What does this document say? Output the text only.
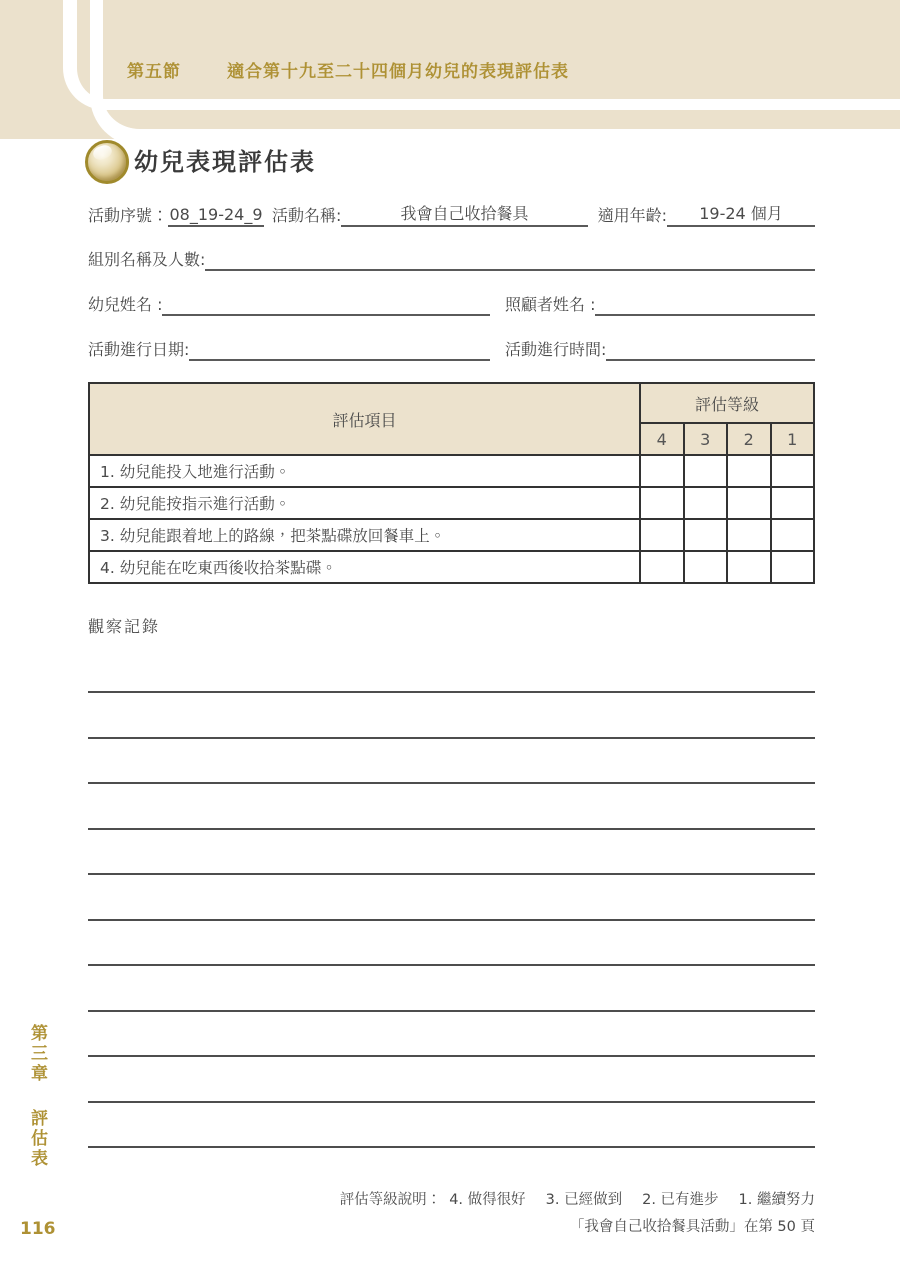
第五節	適合第十九至二十四個月幼兒的表現評估表
幼兒表現評估表
活動序號： 08_19-24_9 活動名稱:	我會自己收拾餐具	適用年齡:	19-24 個月
組別名稱及人數:
幼兒姓名 :	照顧者姓名 :
活動進行日期:	活動進行時間:
評估項目	評估等級			
	4	3	2	1
1. 幼兒能投入地進行活動。				
2. 幼兒能按指示進行活動。				
3. 幼兒能跟着地上的路線，把茶點碟放回餐車上。				
4. 幼兒能在吃東西後收拾茶點碟。				
觀察記錄
第三章 評估表
116
評估等級說明： 4. 做得很好 3. 已經做到 2. 已有進步 1. 繼續努力
「我會自己收拾餐具活動」在第 50 頁
